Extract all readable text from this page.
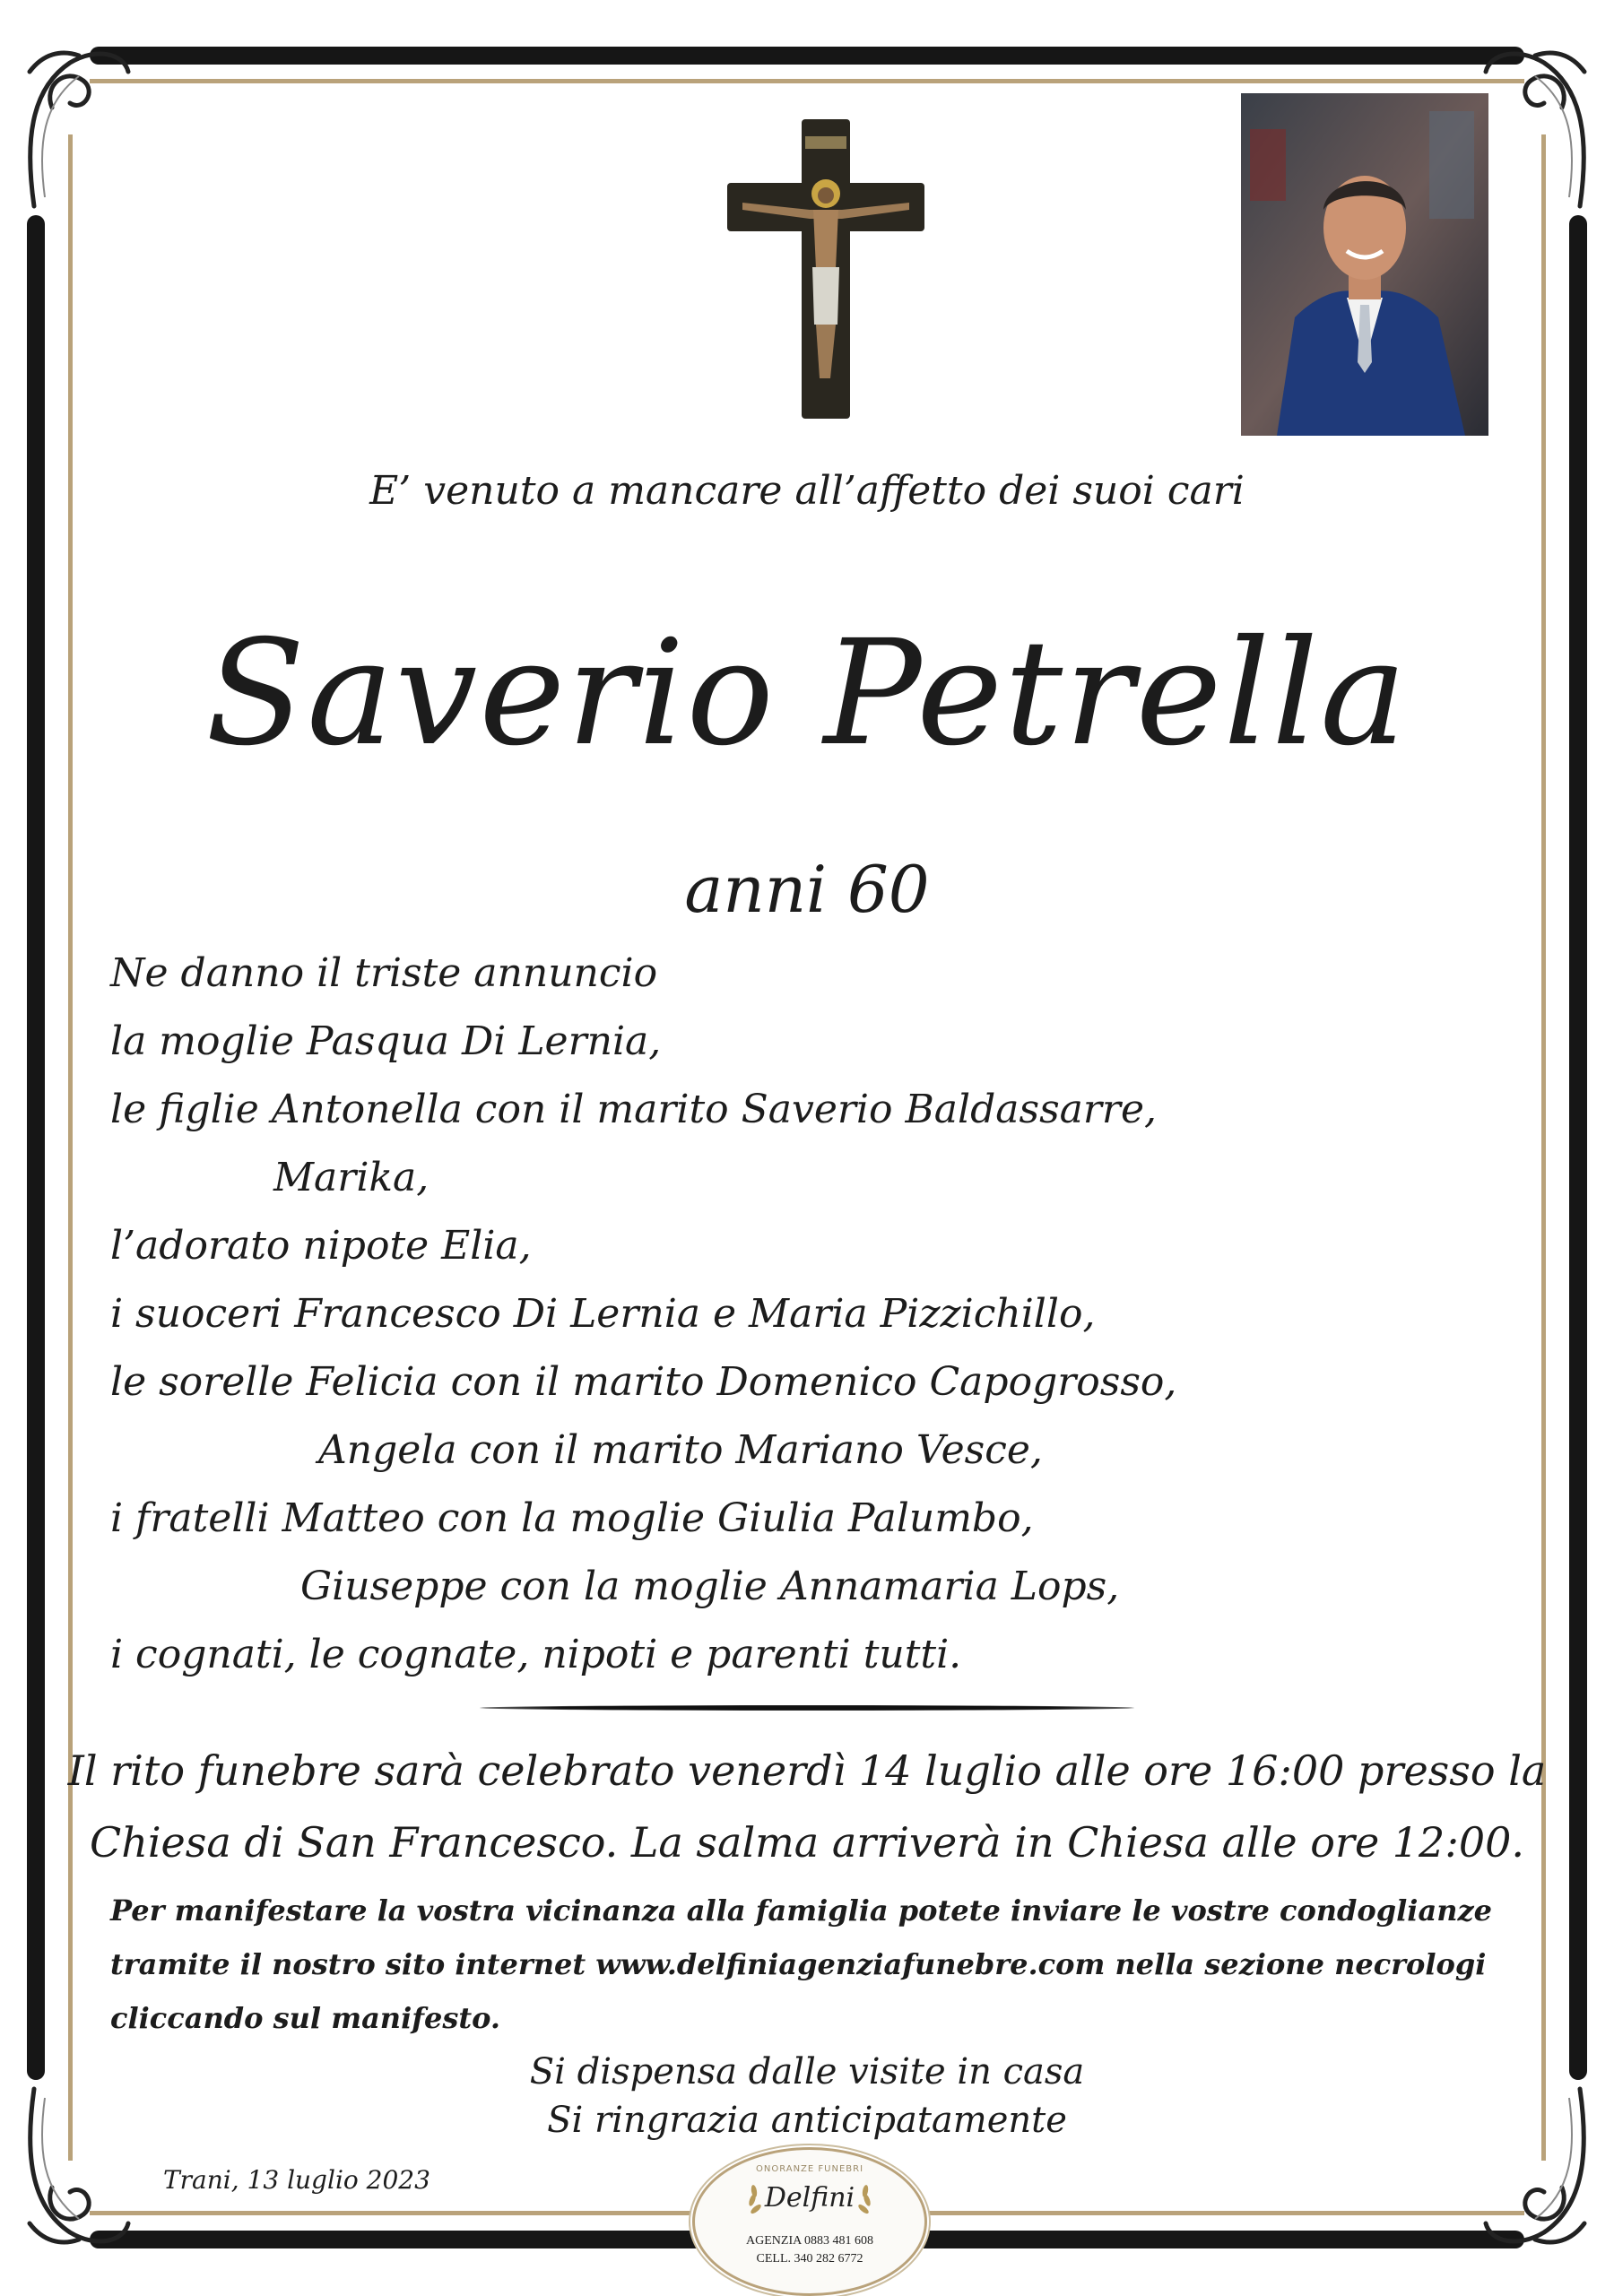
E’ venuto a mancare all’affetto dei suoi cari
Saverio Petrella
anni 60
Ne danno il triste annuncio
la moglie Pasqua Di Lernia,
le figlie Antonella con il marito Saverio Baldassarre,
Marika,
l’adorato nipote Elia,
i suoceri Francesco Di Lernia e Maria Pizzichillo,
le sorelle Felicia con il marito Domenico Capogrosso,
Angela con il marito Mariano Vesce,
i fratelli Matteo con la moglie Giulia Palumbo,
Giuseppe con la moglie Annamaria Lops,
i cognati, le cognate, nipoti e parenti tutti.
Il rito funebre sarà celebrato venerdì 14 luglio alle ore 16:00 presso la
Chiesa di San Francesco. La salma arriverà in Chiesa alle ore 12:00.
Per manifestare la vostra vicinanza alla famiglia potete inviare le vostre condoglianze
tramite il nostro sito internet www.delfiniagenziafunebre.com nella sezione necrologi
cliccando sul manifesto.
Si dispensa dalle visite in casa
Si ringrazia anticipatamente
Trani, 13 luglio 2023	ONORANZE FUNEBRI
Delfini
AGENZIA 0883 481 608
CELL. 340 282 6772
